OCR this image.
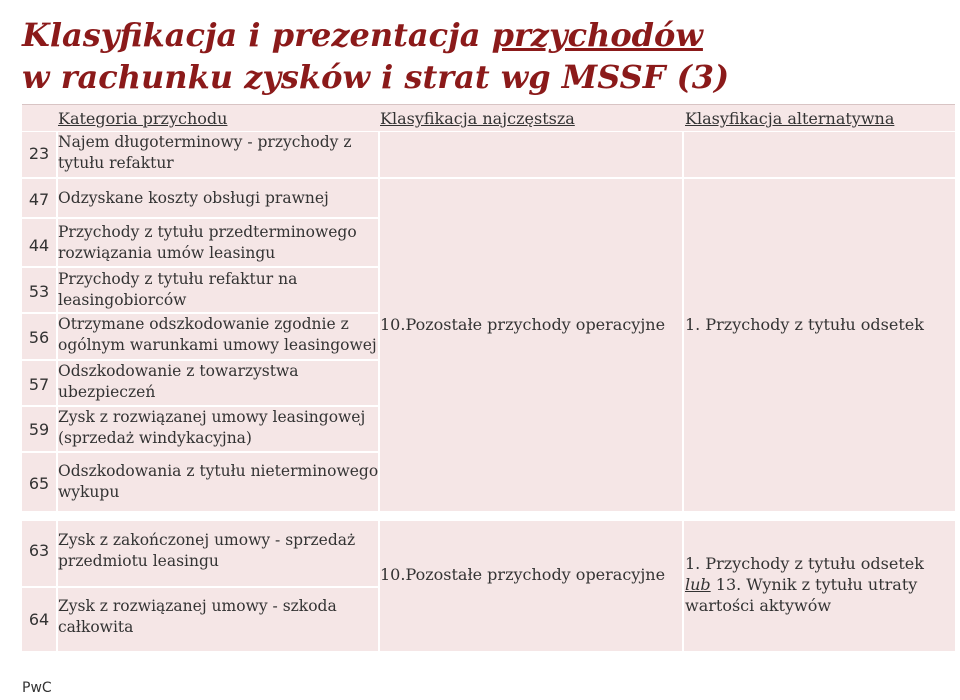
Klasyfikacja i prezentacja przychodów
w rachunku zysków i strat wg MSSF (3)
Kategoria przychodu	Klasyfikacja najczęstsza	Klasyfikacja alternatywna
23
Najem długoterminowy - przychody z
tytułu refaktur
47 Odzyskane koszty obsługi prawnej
44
Przychody z tytułu przedterminowego
rozwiązania umów leasingu
53
Przychody z tytułu refaktur na
leasingobiorców
56
Otrzymane odszkodowanie zgodnie z
ogólnym warunkami umowy leasingowej
57
Odszkodowanie z towarzystwa
ubezpieczeń
59
Zysk z rozwiązanej umowy leasingowej
(sprzedaż windykacyjna)
65
Odszkodowania z tytułu nieterminowego
wykupu
10.Pozostałe przychody operacyjne 1. Przychody z tytułu odsetek
63
Zysk z zakończonej umowy - sprzedaż
przedmiotu leasingu
64
Zysk z rozwiązanej umowy - szkoda
całkowita
10.Pozostałe przychody operacyjne
1. Przychody z tytułu odsetek
lub 13. Wynik z tytułu utraty
wartości aktywów
PwC
